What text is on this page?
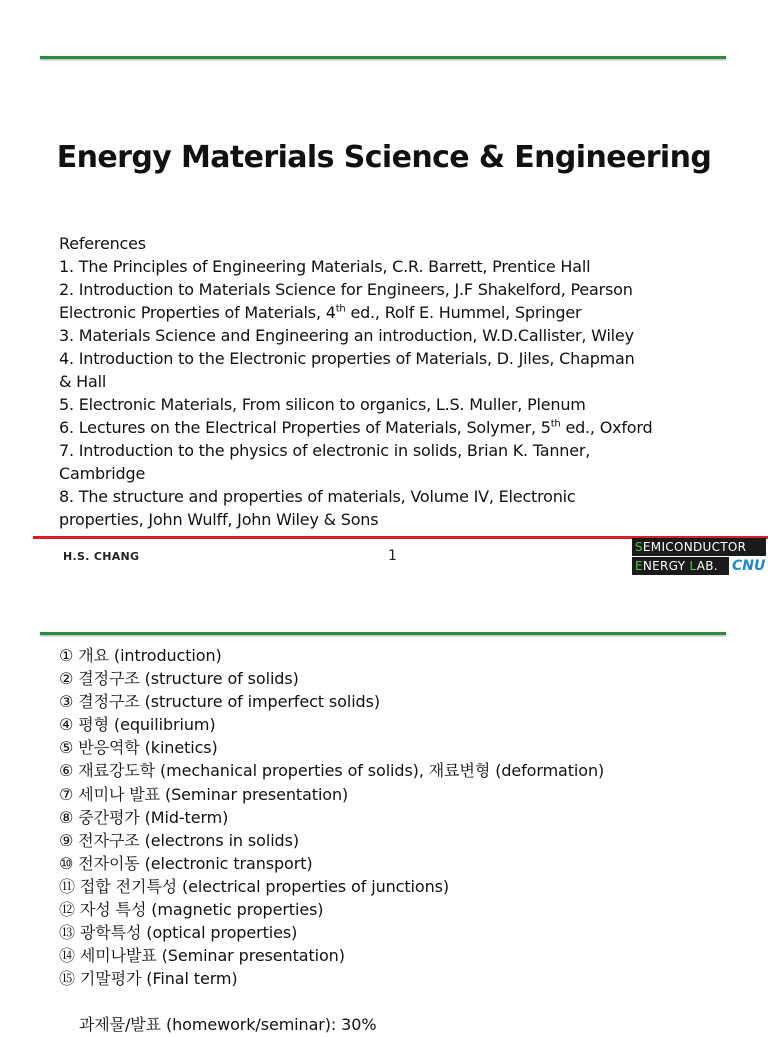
Energy Materials Science & Engineering
References
1. The Principles of Engineering Materials, C.R. Barrett, Prentice Hall
2. Introduction to Materials Science for Engineers, J.F Shakelford, Pearson
Electronic Properties of Materials, 4th ed., Rolf E. Hummel, Springer
3. Materials Science and Engineering an introduction, W.D.Callister, Wiley
4. Introduction to the Electronic properties of Materials, D. Jiles, Chapman
& Hall
5. Electronic Materials, From silicon to organics, L.S. Muller, Plenum
6. Lectures on the Electrical Properties of Materials, Solymer, 5th ed., Oxford
7. Introduction to the physics of electronic in solids, Brian K. Tanner,
Cambridge
8. The structure and properties of materials, Volume IV, Electronic
properties, John Wulff, John Wiley & Sons
H.S. CHANG	1
SEMICONDUCTOR
ENERGY LAB.	CNU
① 개요 (introduction)
② 결정구조 (structure of solids)
③ 결정구조 (structure of imperfect solids)
④ 평형 (equilibrium)
⑤ 반응역학 (kinetics)
⑥ 재료강도학 (mechanical properties of solids), 재료변형 (deformation)
⑦ 세미나 발표 (Seminar presentation)
⑧ 중간평가 (Mid-term)
⑨ 전자구조 (electrons in solids)
⑩ 전자이동 (electronic transport)
⑪ 접합 전기특성 (electrical properties of junctions)
⑫ 자성 특성 (magnetic properties)
⑬ 광학특성 (optical properties)
⑭ 세미나발표 (Seminar presentation)
⑮ 기말평가 (Final term)
과제물/발표 (homework/seminar): 30%
